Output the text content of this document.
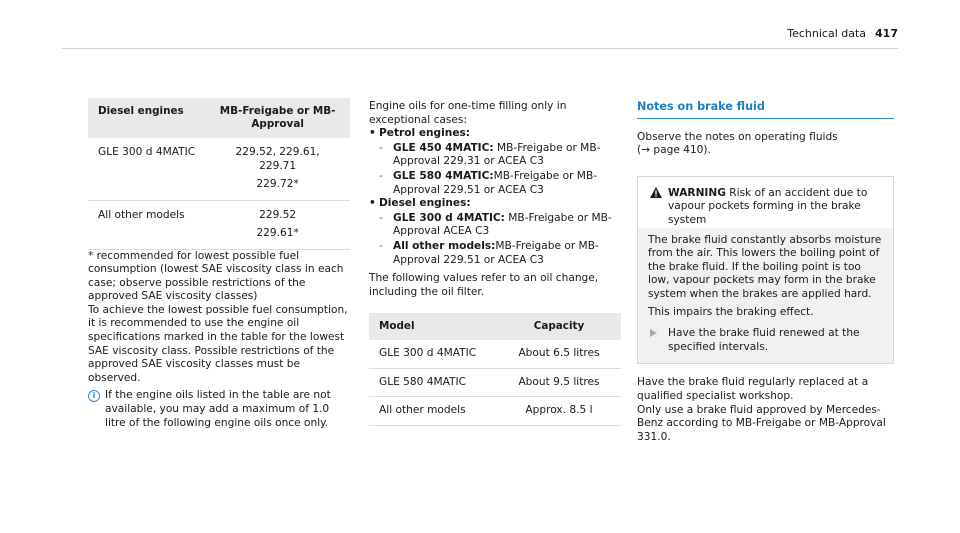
Technical data 417
Diesel engines	MB-Freigabe or MB-Approval
GLE 300 d 4MATIC	229.52, 229.61,
229.71
229.72*

All other models	229.52
229.61*

* recommended for lowest possible fuel consumption (lowest SAE viscosity class in each case; observe possible restrictions of the approved SAE viscosity classes)

To achieve the lowest possible fuel consumption, it is recommended to use the engine oil specifications marked in the table for the lowest SAE viscosity class. Possible restrictions of the approved SAE viscosity classes must be observed.

i If the engine oils listed in the table are not available, you may add a maximum of 1.0 litre of the following engine oils once only.

Engine oils for one-time filling only in exceptional cases:

• Petrol engines:
- GLE 450 4MATIC: MB-Freigabe or MB-Approval 229.31 or ACEA C3
- GLE 580 4MATIC:MB-Freigabe or MB-Approval 229.51 or ACEA C3
• Diesel engines:
- GLE 300 d 4MATIC: MB-Freigabe or MB-Approval ACEA C3
- All other models:MB-Freigabe or MB-Approval 229.51 or ACEA C3

The following values refer to an oil change, including the oil filter.

Model	Capacity
GLE 300 d 4MATIC	About 6.5 litres
GLE 580 4MATIC	About 9.5 litres
All other models	Approx. 8.5 l
Notes on brake fluid

Observe the notes on operating fluids
(→ page 410).

WARNING Risk of an accident due to vapour pockets forming in the brake system

The brake fluid constantly absorbs moisture from the air. This lowers the boiling point of the brake fluid. If the boiling point is too low, vapour pockets may form in the brake system when the brakes are applied hard.

This impairs the braking effect.

Have the brake fluid renewed at the specified intervals.

Have the brake fluid regularly replaced at a qualified specialist workshop.
Only use a brake fluid approved by Mercedes-Benz according to MB-Freigabe or MB-Approval 331.0.
